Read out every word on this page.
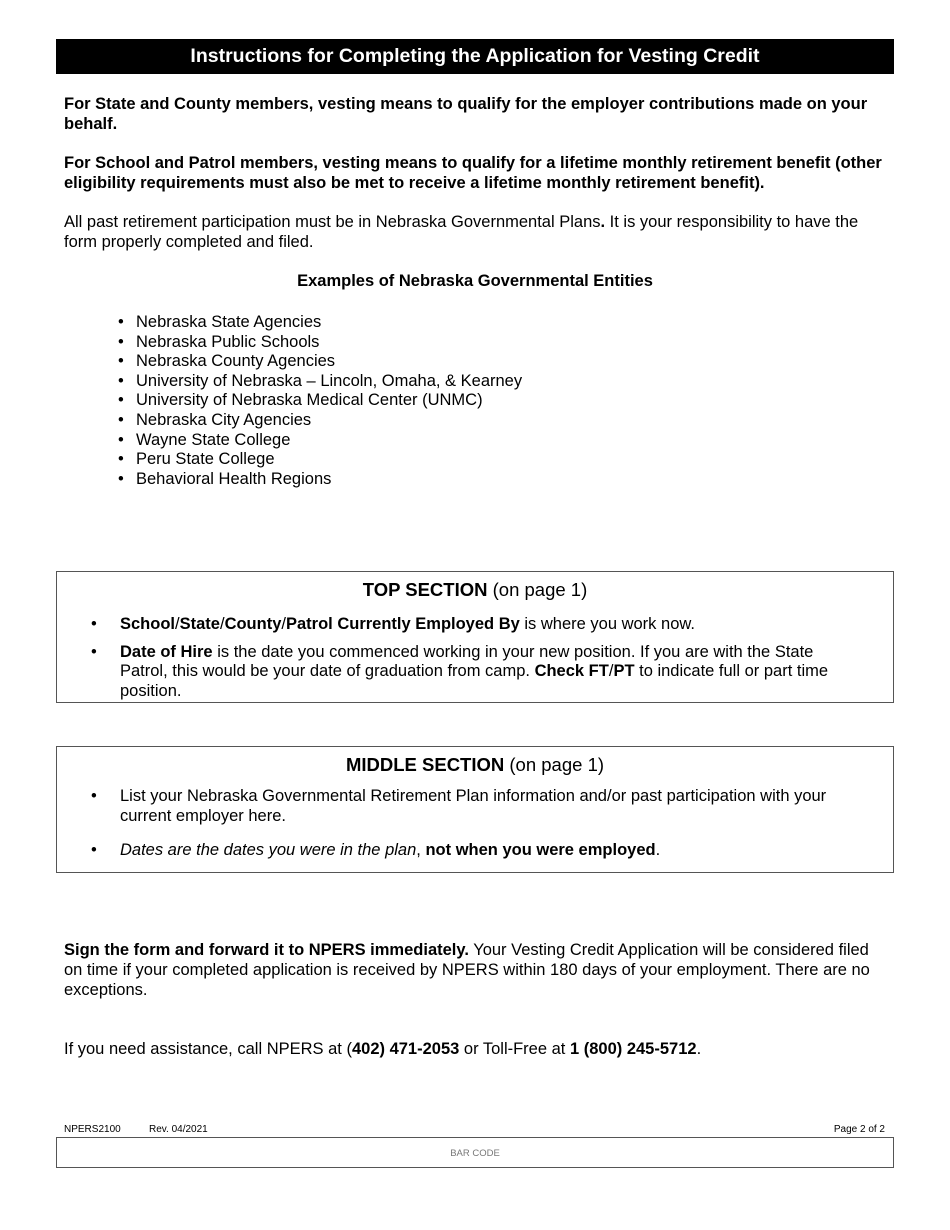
Instructions for Completing the Application for Vesting Credit

For State and County members, vesting means to qualify for the employer contributions made on your behalf.

For School and Patrol members, vesting means to qualify for a lifetime monthly retirement benefit (other eligibility requirements must also be met to receive a lifetime monthly retirement benefit).

All past retirement participation must be in Nebraska Governmental Plans. It is your responsibility to have the form properly completed and filed.

Examples of Nebraska Governmental Entities
• Nebraska State Agencies
• Nebraska Public Schools
• Nebraska County Agencies
• University of Nebraska – Lincoln, Omaha, & Kearney
• University of Nebraska Medical Center (UNMC)
• Nebraska City Agencies
• Wayne State College
• Peru State College
• Behavioral Health Regions
TOP SECTION (on page 1)
• School/State/County/Patrol Currently Employed By is where you work now.
• Date of Hire is the date you commenced working in your new position. If you are with the State Patrol, this would be your date of graduation from camp. Check FT/PT to indicate full or part time position.
MIDDLE SECTION (on page 1)
• List your Nebraska Governmental Retirement Plan information and/or past participation with your current employer here.
• Dates are the dates you were in the plan, not when you were employed.

Sign the form and forward it to NPERS immediately. Your Vesting Credit Application will be considered filed on time if your completed application is received by NPERS within 180 days of your employment. There are no exceptions.

If you need assistance, call NPERS at (402) 471-2053 or Toll-Free at 1 (800) 245-5712.

NPERS2100	Rev. 04/2021	Page 2 of 2
BAR CODE
